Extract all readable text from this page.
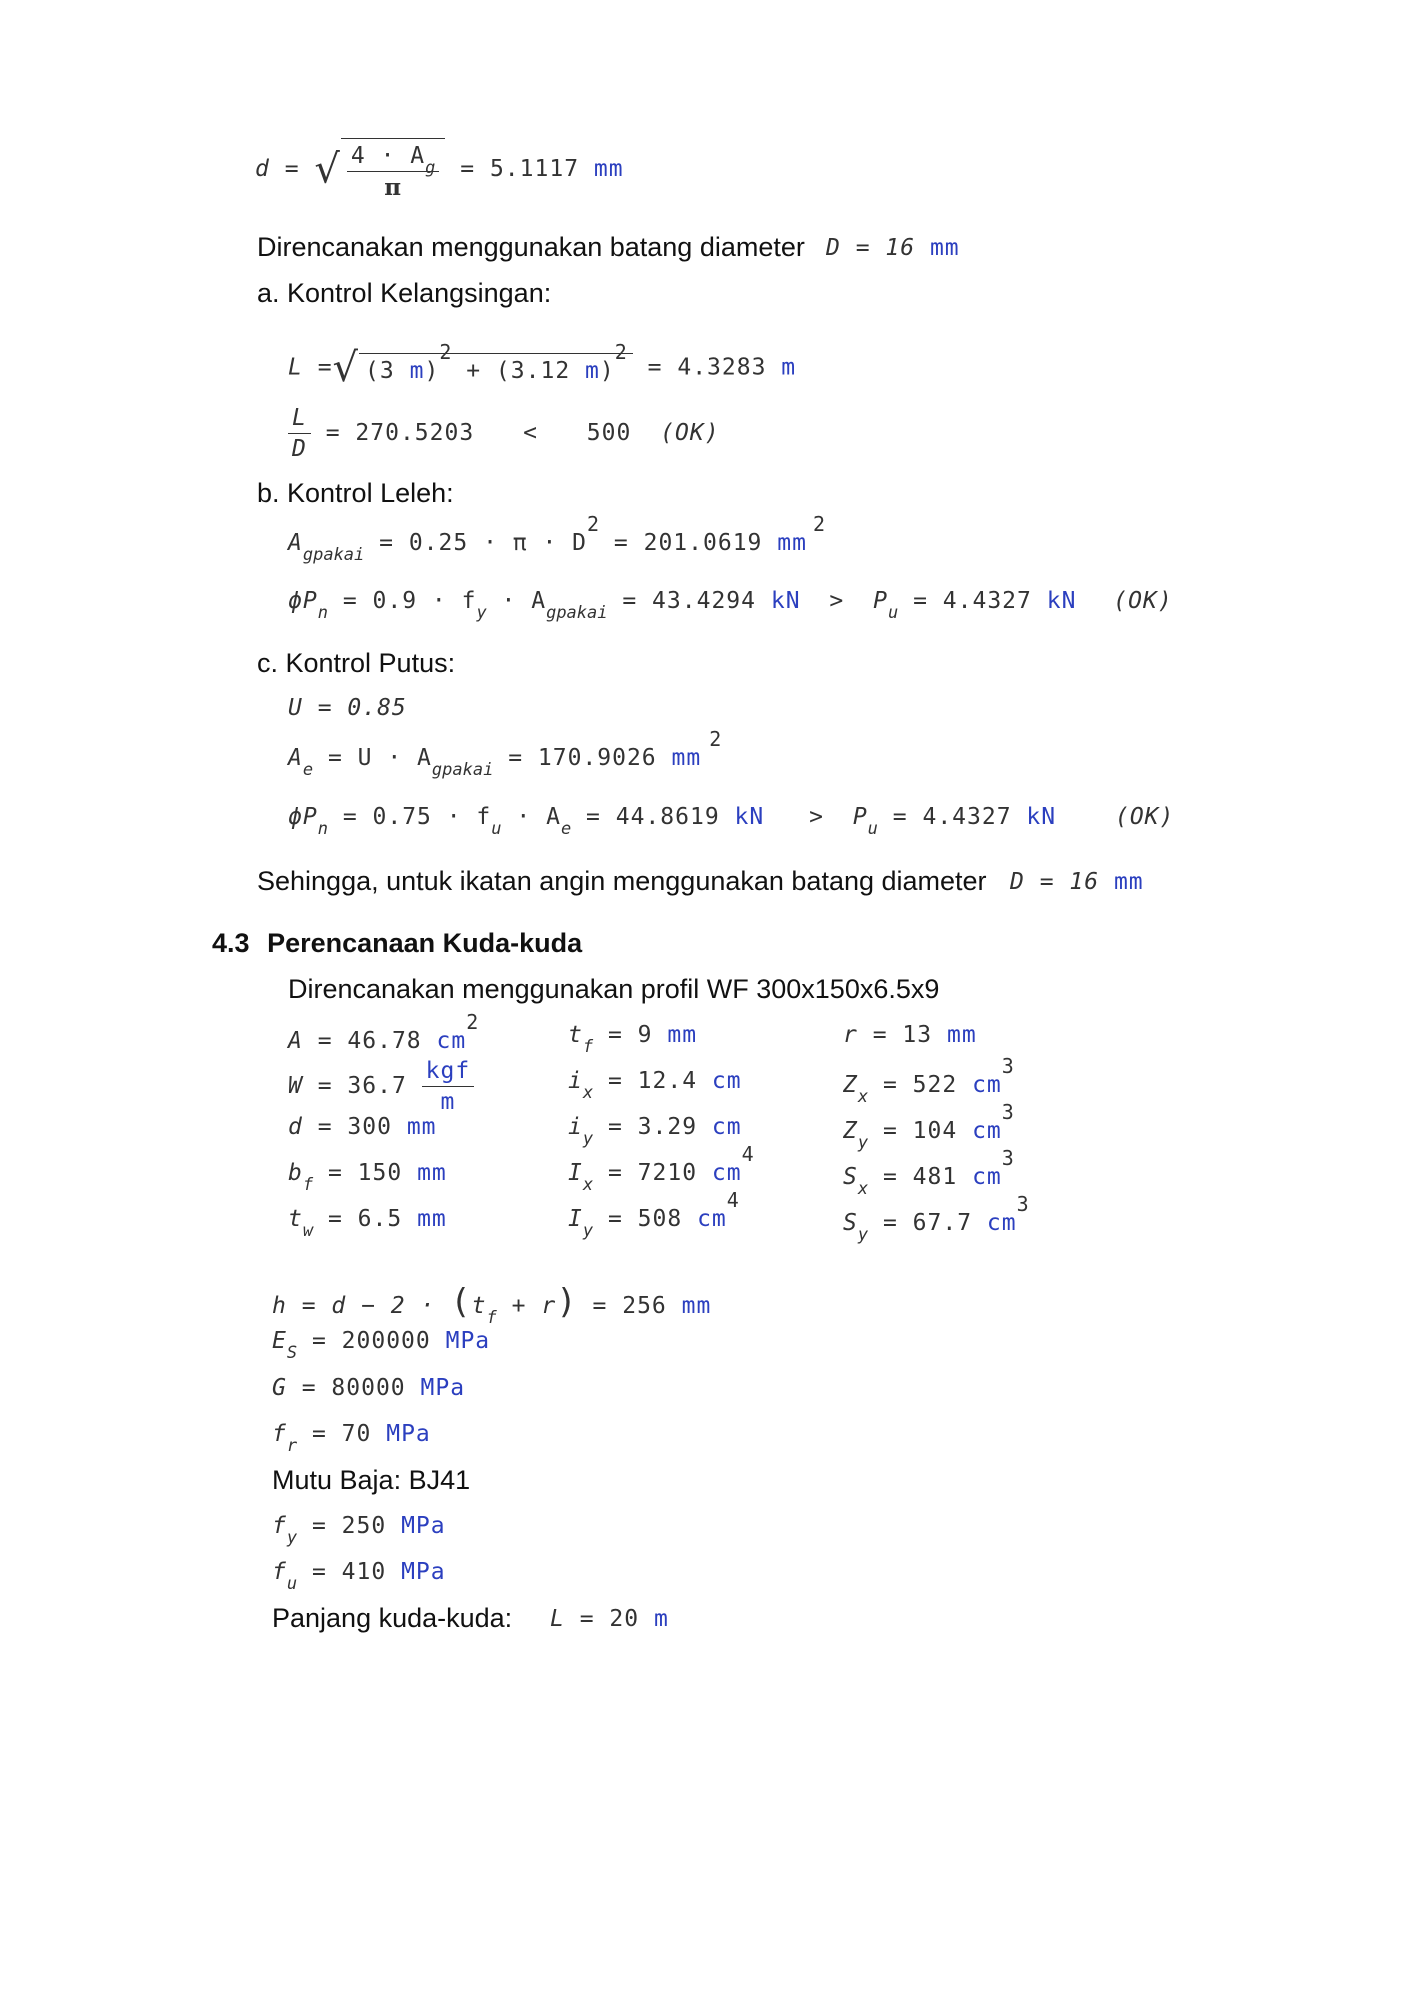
d = √ $\frac{4 \cdot A_g}{\pi} = 5.1117$ mm
Direncanakan menggunakan batang diameter D = 16 mm
a. Kontrol Kelangsingan:
L =√ (3 m)2 + (3.12 m)2 = 4.3283 m
$\frac{L}{D} = 270.5203 < 500$ (OK)
b. Kontrol Leleh:
$A_{gpakai} = 0.25 \cdot \pi \cdot D2 = 201.0619$ mm2
$\phi P_n = 0.9 \cdot f_y \cdot A_{gpakai} = 43.4294$ kN > $P_u = 4.4327$ kN (OK)
c. Kontrol Putus:
U = 0.85
$A_e = U \cdot A_{gpakai} = 170.9026$ mm2
$\phi P_n = 0.75 \cdot f_u \cdot A_e = 44.8619$ kN > $P_u = 4.4327$ kN	(OK)
Sehingga, untuk ikatan angin menggunakan batang diameter D = 16 mm
4.3 Perencanaan Kuda-kuda
Direncanakan menggunakan profil WF 300x150x6.5x9
A = 46.78 cm2
$W = 36.7 \frac{\text{kgf}}{m}$
d = 300 mm
$b_f = 150$ mm
$t_w = 6.5$ mm
$t_f = 9$ mm
$i_x = 12.4$ cm
$i_y = 3.29$ cm
$I_x = 7210$ cm4
$I_y = 508$ cm4
r = 13 mm
$Z_x = 522$ cm3
$Z_y = 104$ cm3
$S_x = 481$ cm3
$S_y = 67.7$ cm3
$h = d - 2 \cdot (t_f + r) = 256$ mm
$E_S = 200000$ MPa
G = 80000 MPa
$f_r = 70$ MPa
Mutu Baja: BJ41
$f_y = 250$ MPa
$f_u = 410$ MPa
Panjang kuda-kuda: L = 20 m
